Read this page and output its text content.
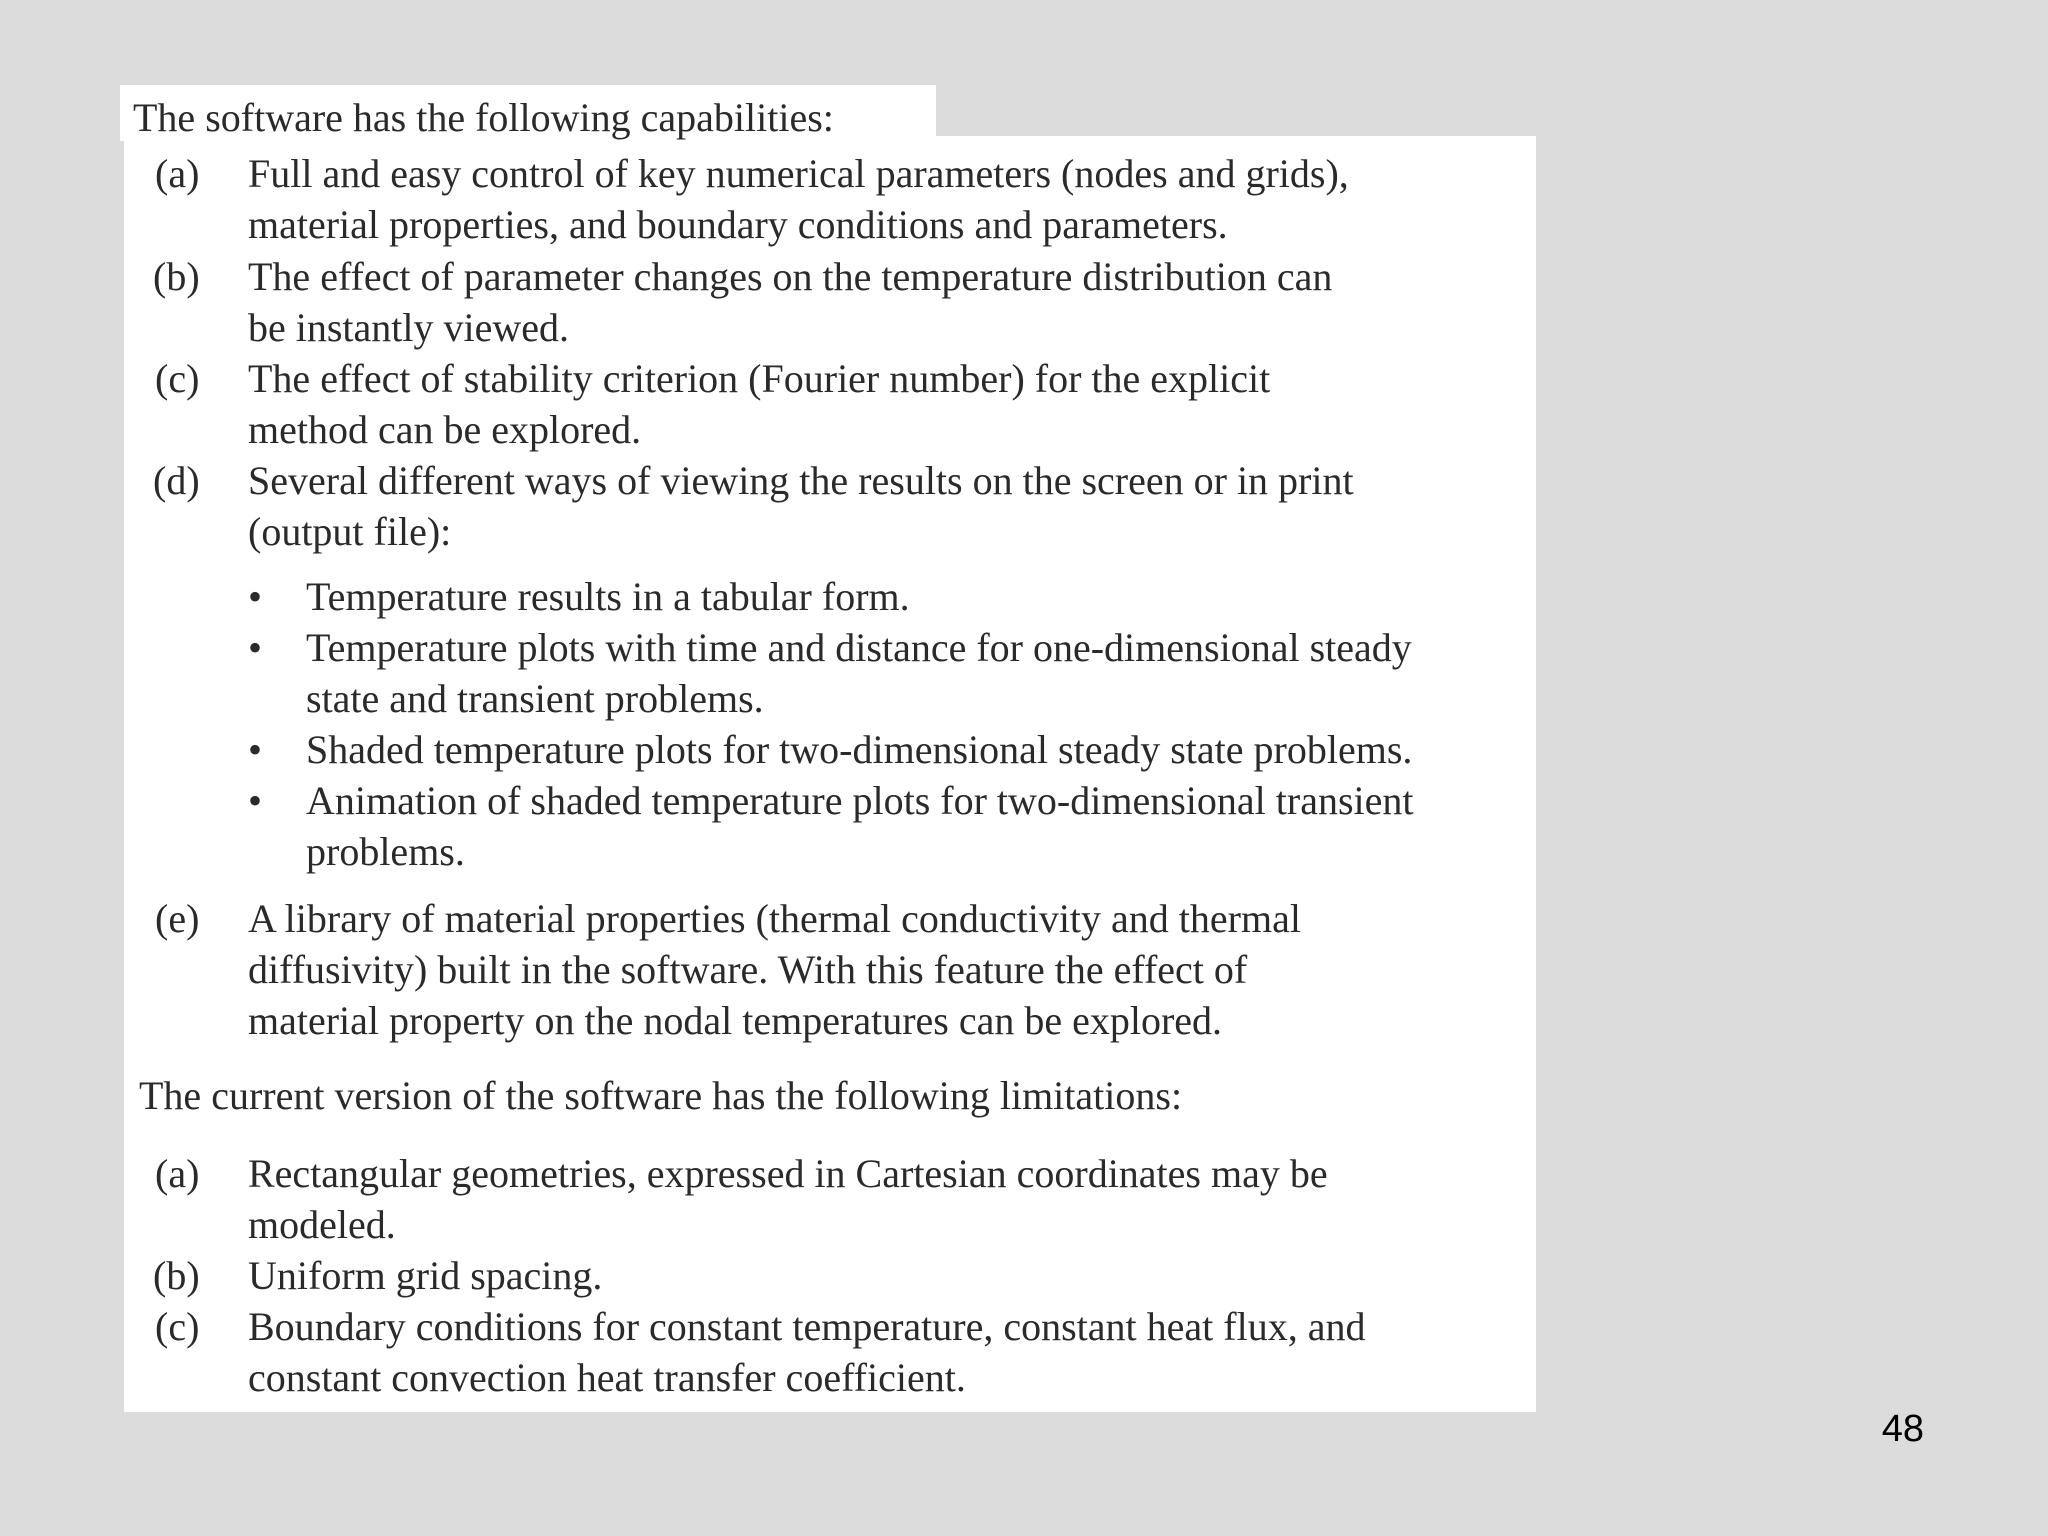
The software has the following capabilities:
(a)	Full and easy control of key numerical parameters (nodes and grids),
material properties, and boundary conditions and parameters.
(b)	The effect of parameter changes on the temperature distribution can
be instantly viewed.
(c)	The effect of stability criterion (Fourier number) for the explicit
method can be explored.
(d)	Several different ways of viewing the results on the screen or in print
(output file):
•	Temperature results in a tabular form.
•	Temperature plots with time and distance for one-dimensional steady
state and transient problems.
•	Shaded temperature plots for two-dimensional steady state problems.
•	Animation of shaded temperature plots for two-dimensional transient
problems.
(e)	A library of material properties (thermal conductivity and thermal
diffusivity) built in the software. With this feature the effect of
material property on the nodal temperatures can be explored.
The current version of the software has the following limitations:
(a)	Rectangular geometries, expressed in Cartesian coordinates may be
modeled.
(b)	Uniform grid spacing.
(c)	Boundary conditions for constant temperature, constant heat flux, and
constant convection heat transfer coefficient.
48
